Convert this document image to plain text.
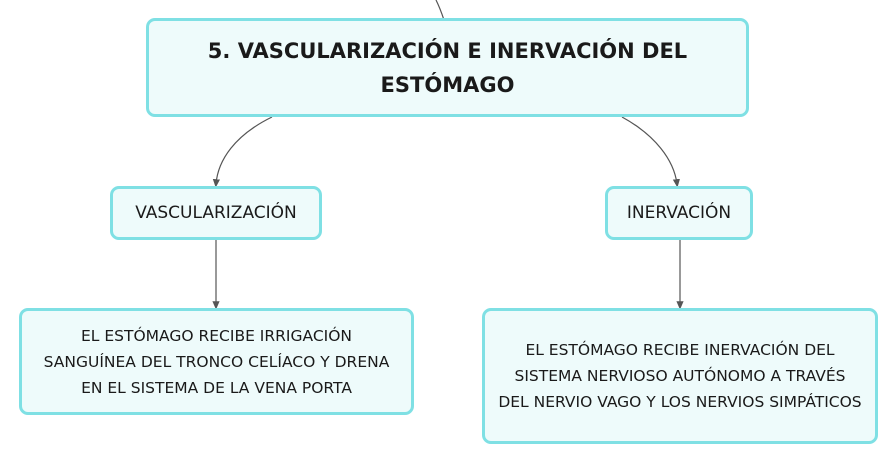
5. VASCULARIZACIÓN E INERVACIÓN DEL ESTÓMAGO
VASCULARIZACIÓN	INERVACIÓN
EL ESTÓMAGO RECIBE IRRIGACIÓN SANGUÍNEA DEL TRONCO CELÍACO Y DRENA EN EL SISTEMA DE LA VENA PORTA
EL ESTÓMAGO RECIBE INERVACIÓN DEL SISTEMA NERVIOSO AUTÓNOMO A TRAVÉS DEL NERVIO VAGO Y LOS NERVIOS SIMPÁTICOS
